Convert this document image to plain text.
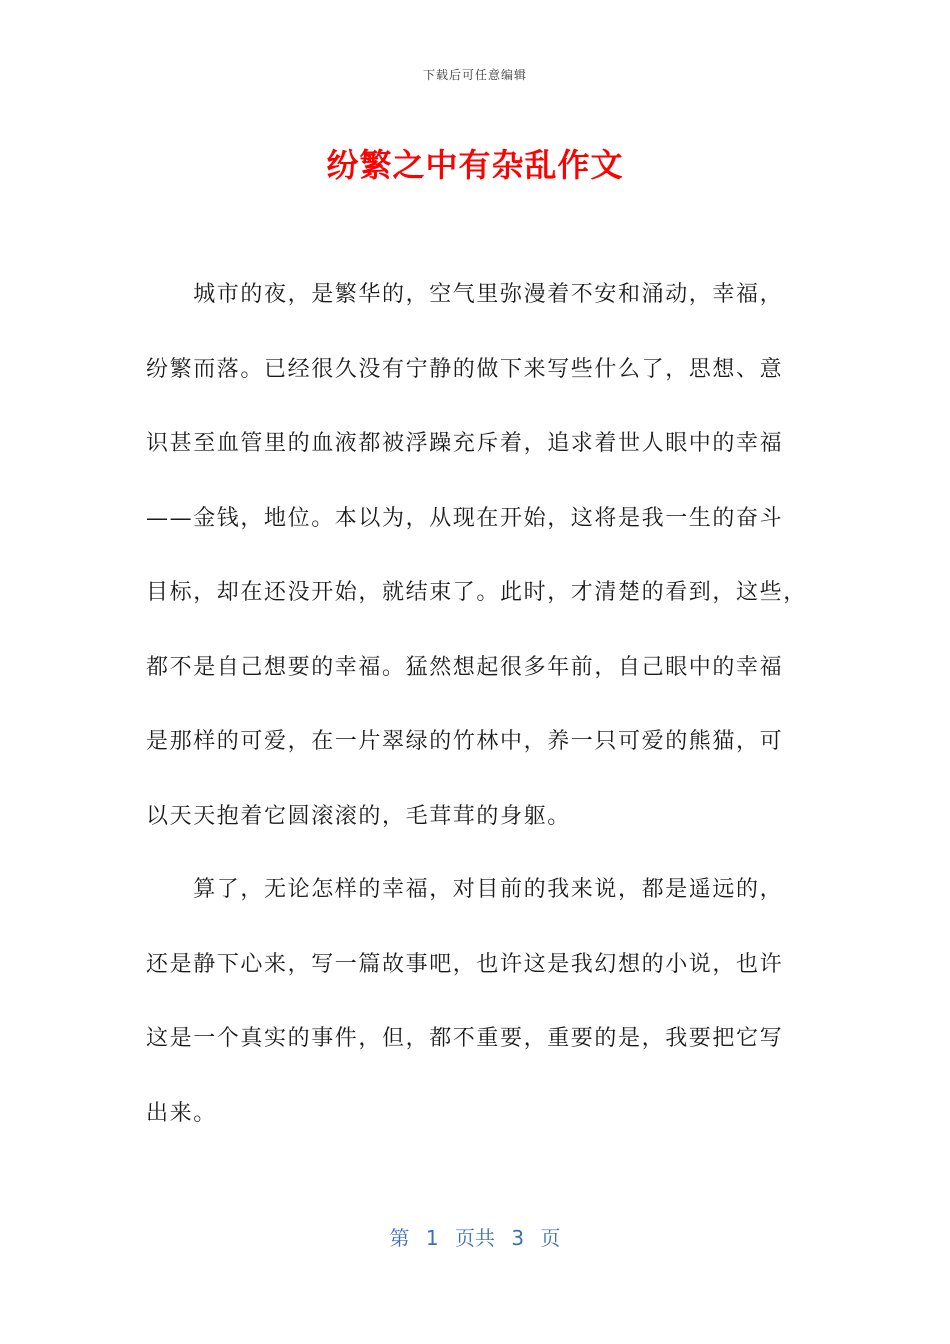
下载后可任意编辑
纷繁之中有杂乱作文
　　城市的夜，是繁华的，空气里弥漫着不安和涌动，幸福，
纷繁而落。已经很久没有宁静的做下来写些什么了，思想、意
识甚至血管里的血液都被浮躁充斥着，追求着世人眼中的幸福
——金钱，地位。本以为，从现在开始，这将是我一生的奋斗
目标，却在还没开始，就结束了。此时，才清楚的看到，这些，
都不是自己想要的幸福。猛然想起很多年前，自己眼中的幸福
是那样的可爱，在一片翠绿的竹林中，养一只可爱的熊猫，可
以天天抱着它圆滚滚的，毛茸茸的身躯。
　　算了，无论怎样的幸福，对目前的我来说，都是遥远的，
还是静下心来，写一篇故事吧，也许这是我幻想的小说，也许
这是一个真实的事件，但，都不重要，重要的是，我要把它写
出来。
第 1 页共 3 页
